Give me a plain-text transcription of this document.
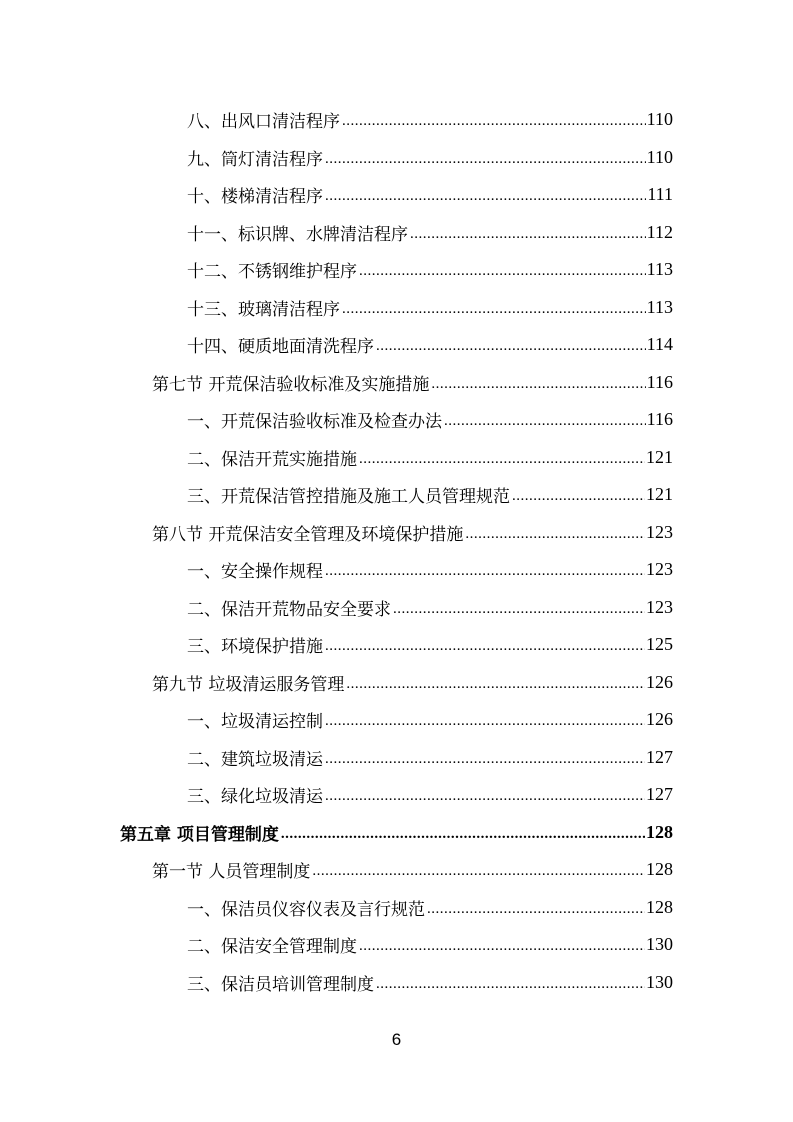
八、出风口清洁程序 .....	110
九、筒灯清洁程序 .....	110
十、楼梯清洁程序 .....	111
十一、标识牌、水牌清洁程序 .....	112
十二、不锈钢维护程序 .....	113
十三、玻璃清洁程序 .....	113
十四、硬质地面清洗程序 .....	114
第七节 开荒保洁验收标准及实施措施 .....	116
一、开荒保洁验收标准及检查办法 .....	116
二、保洁开荒实施措施 .....	121
三、开荒保洁管控措施及施工人员管理规范 .....	121
第八节 开荒保洁安全管理及环境保护措施 .....	123
一、安全操作规程 .....	123
二、保洁开荒物品安全要求 .....	123
三、环境保护措施 .....	125
第九节 垃圾清运服务管理 .....	126
一、垃圾清运控制 .....	126
二、建筑垃圾清运 .....	127
三、绿化垃圾清运 .....	127
第五章 项目管理制度 .....	128
第一节 人员管理制度 .....	128
一、保洁员仪容仪表及言行规范 .....	128
二、保洁安全管理制度 .....	130
三、保洁员培训管理制度 .....	130
6
